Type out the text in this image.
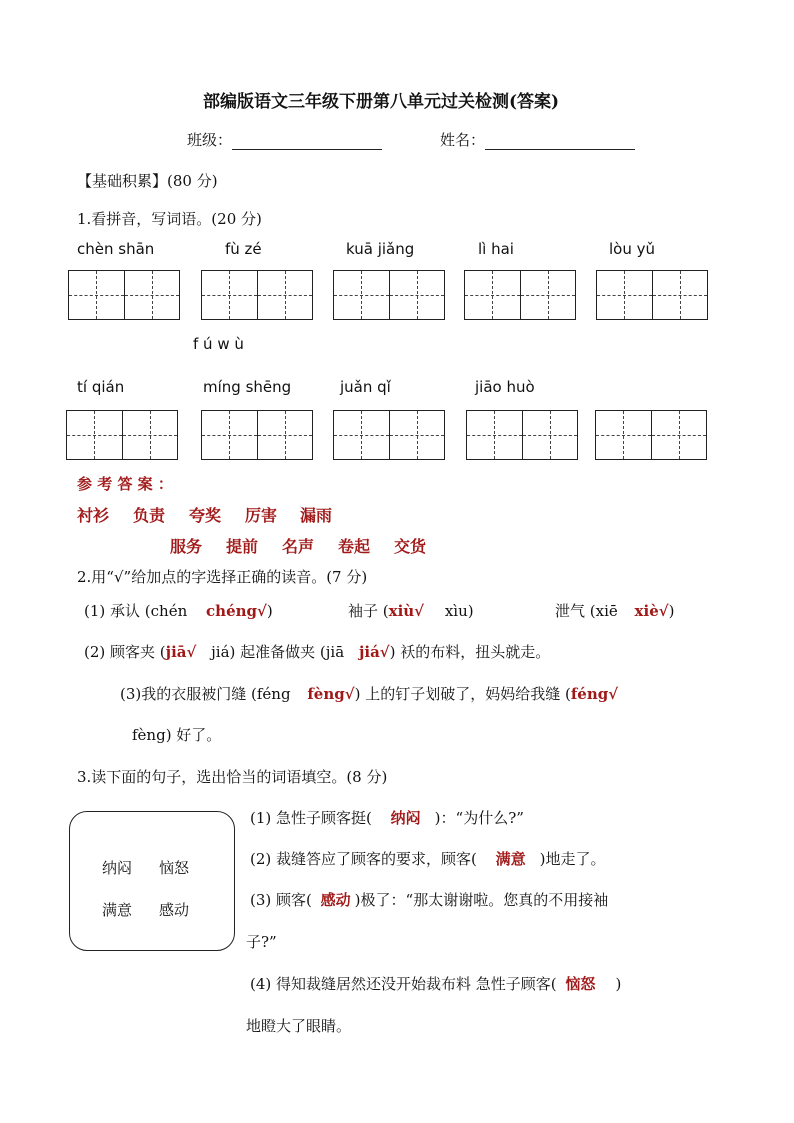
部编版语文三年级下册第八单元过关检测(答案)
班级：	姓名：
【基础积累】(80 分)
1.看拼音，写词语。(20 分)
chèn shān	fù zé	kuā jiǎng	lì hai	lòu yǔ
f ú w ù
tí qián	míng shēng	juǎn qǐ	jiāo huò
参 考 答 案 ：
衬衫 负责 夸奖 厉害 漏雨
服务 提前 名声 卷起 交货
2.用“√”给加点的字选择正确的读音。(7 分)
(1) 承认 (chén chéng√)	袖子 (xiù√ xìu)	泄气 (xiē xiè√)
(2) 顾客夹 (jiā√ jiá) 起准备做夹 (jiā jiá√) 袄的布料，扭头就走。
(3)我的衣服被门缝 (féng fèng√) 上的钉子划破了，妈妈给我缝 (féng√
fèng) 好了。
3.读下面的句子，选出恰当的词语填空。(8 分)
纳闷 恼怒
满意 感动
(1) 急性子顾客挺( 纳闷 )：“为什么?”
(2) 裁缝答应了顾客的要求，顾客( 满意 )地走了。
(3) 顾客( 感动 )极了：“那太谢谢啦。您真的不用接袖
子?”
(4) 得知裁缝居然还没开始裁布料 急性子顾客( 恼怒 )
地瞪大了眼睛。
